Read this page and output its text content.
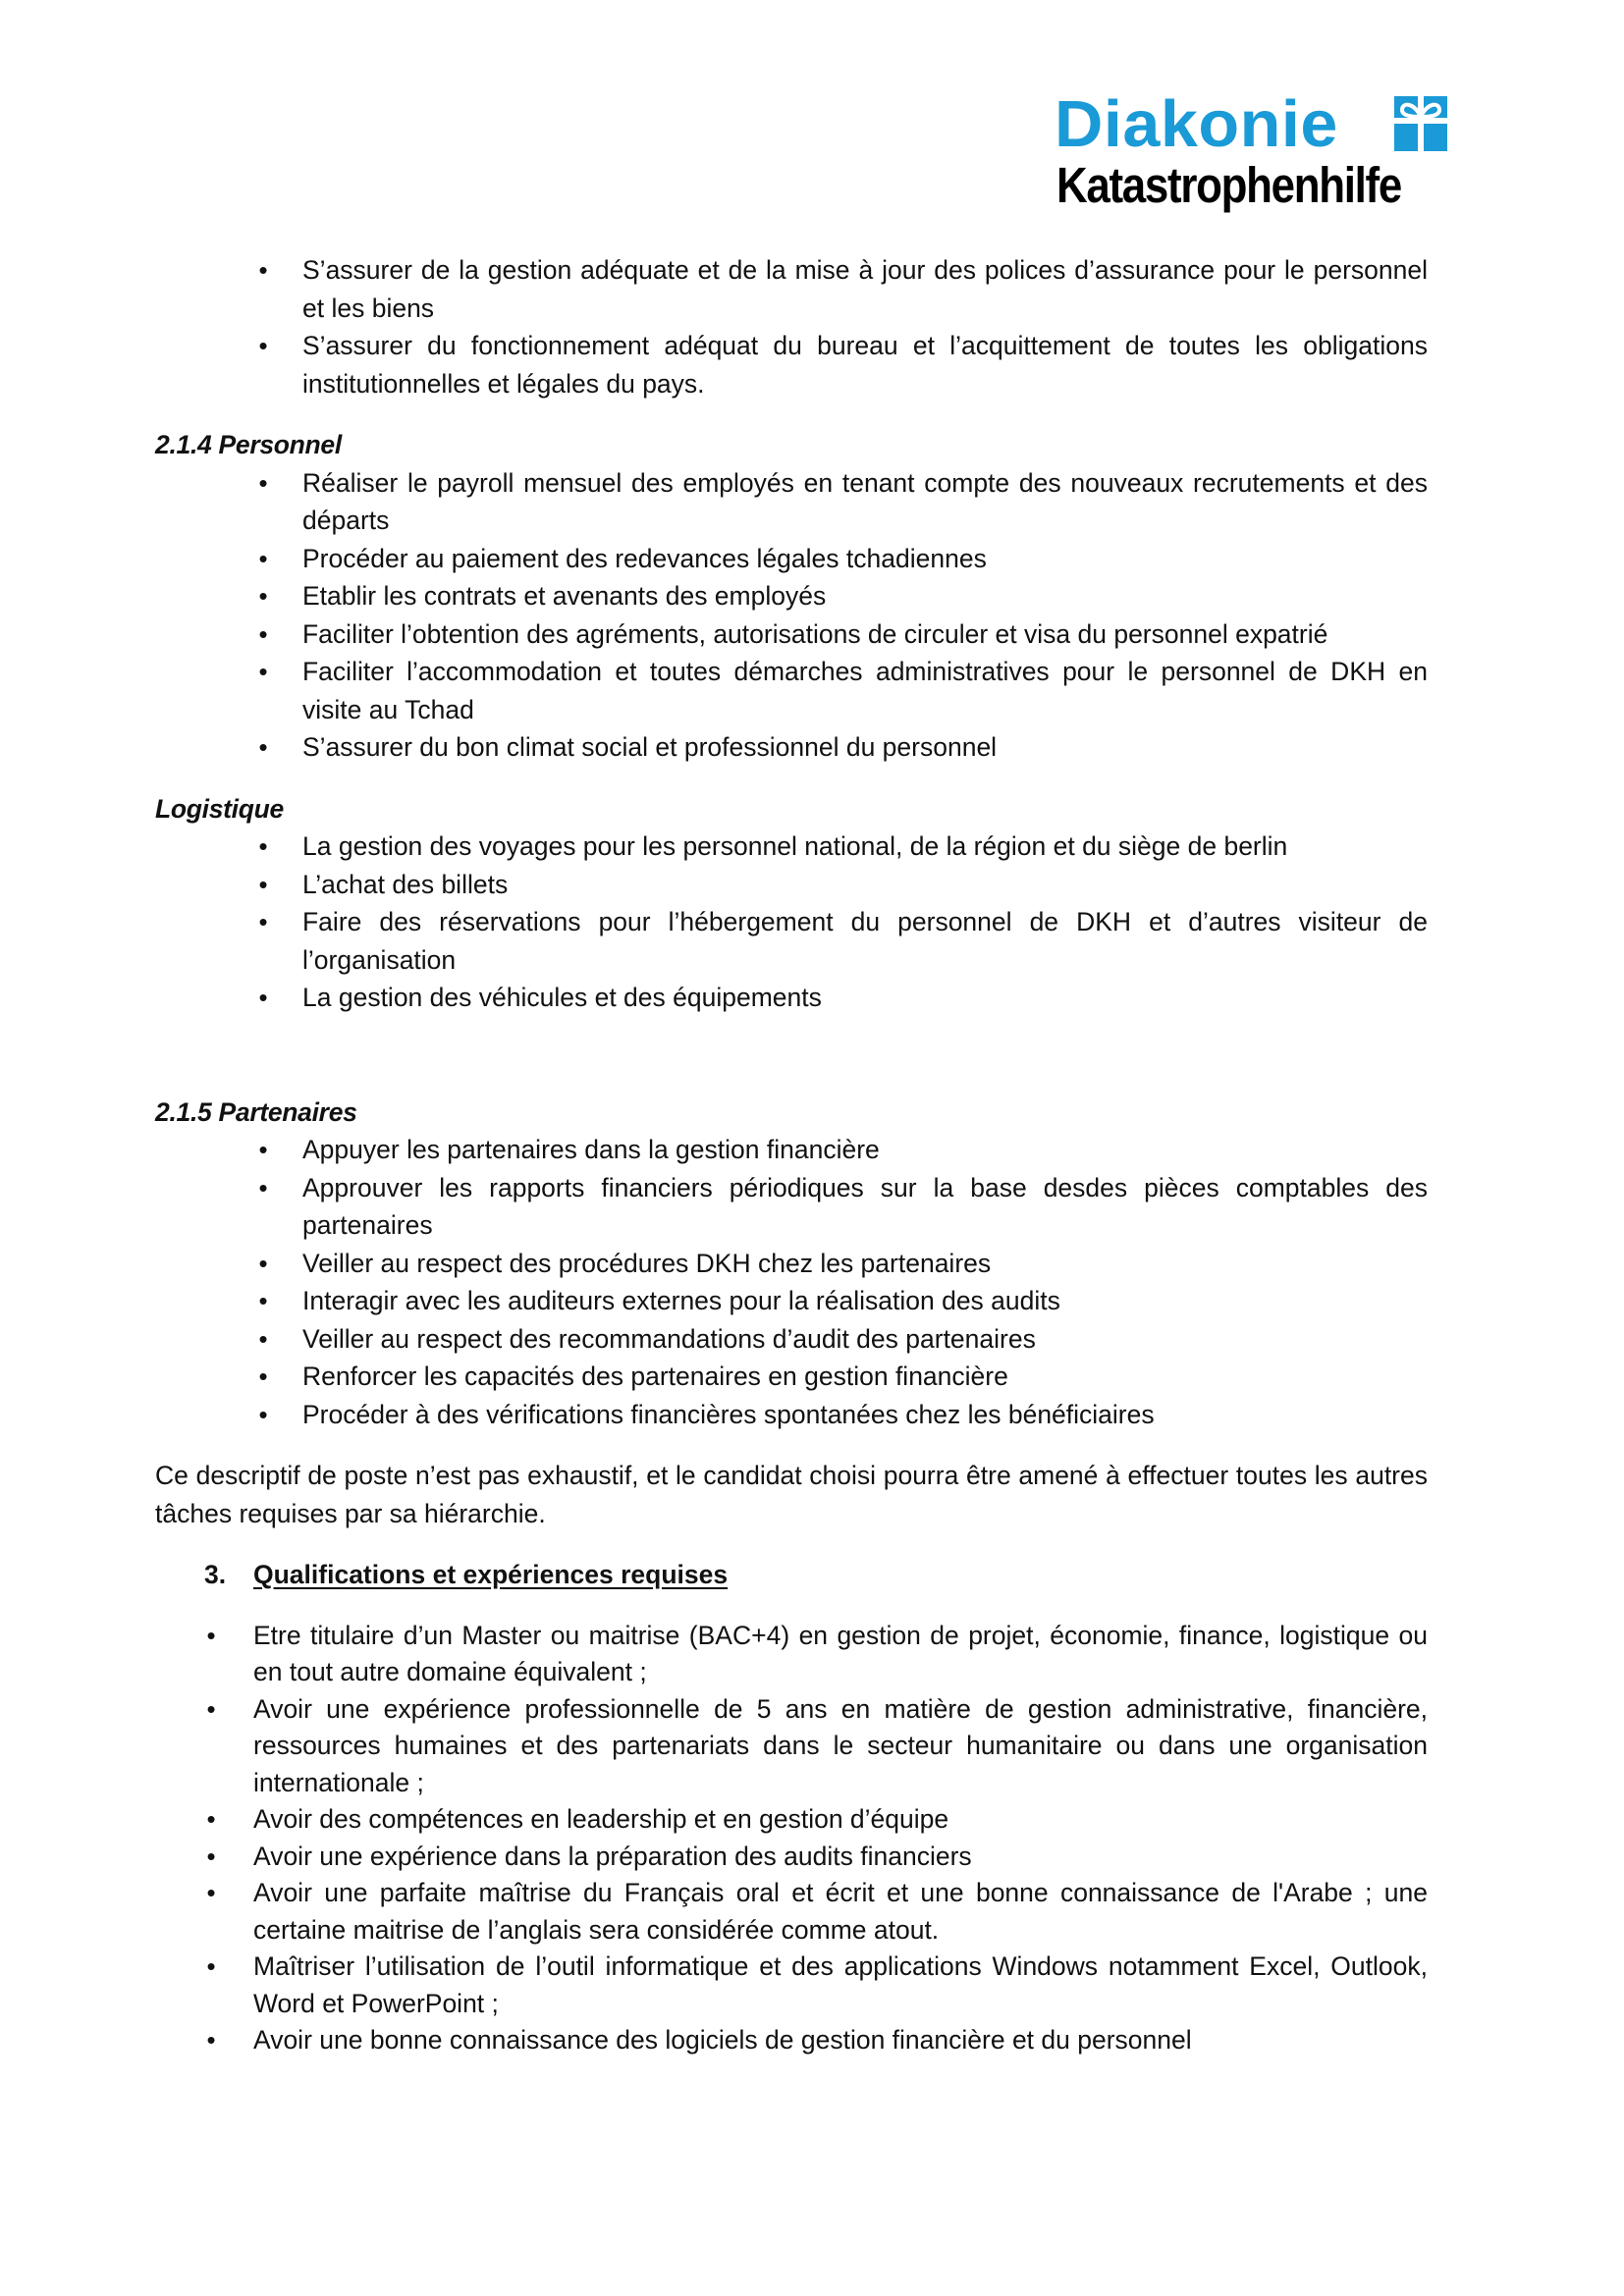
Diakonie
Katastrophenhilfe
• S’assurer de la gestion adéquate et de la mise à jour des polices d’assurance pour le personnel et les biens
• S’assurer du fonctionnement adéquat du bureau et l’acquittement de toutes les obligations institutionnelles et légales du pays.

2.1.4 Personnel

• Réaliser le payroll mensuel des employés en tenant compte des nouveaux recrutements et des départs
• Procéder au paiement des redevances légales tchadiennes
• Etablir les contrats et avenants des employés
• Faciliter l’obtention des agréments, autorisations de circuler et visa du personnel expatrié
• Faciliter l’accommodation et toutes démarches administratives pour le personnel de DKH en visite au Tchad
• S’assurer du bon climat social et professionnel du personnel

Logistique

• La gestion des voyages pour les personnel national, de la région et du siège de berlin
• L’achat des billets
• Faire des réservations pour l’hébergement du personnel de DKH et d’autres visiteur de l’organisation
• La gestion des véhicules et des équipements

2.1.5 Partenaires

• Appuyer les partenaires dans la gestion financière
• Approuver les rapports financiers périodiques sur la base desdes pièces comptables des partenaires
• Veiller au respect des procédures DKH chez les partenaires
• Interagir avec les auditeurs externes pour la réalisation des audits
• Veiller au respect des recommandations d’audit des partenaires
• Renforcer les capacités des partenaires en gestion financière
• Procéder à des vérifications financières spontanées chez les bénéficiaires

Ce descriptif de poste n’est pas exhaustif, et le candidat choisi pourra être amené à effectuer toutes les autres tâches requises par sa hiérarchie.

3.	Qualifications et expériences requises
• Etre titulaire d’un Master ou maitrise (BAC+4) en gestion de projet, économie, finance, logistique ou en tout autre domaine équivalent ;
• Avoir une expérience professionnelle de 5 ans en matière de gestion administrative, financière, ressources humaines et des partenariats dans le secteur humanitaire ou dans une organisation internationale ;
• Avoir des compétences en leadership et en gestion d’équipe
• Avoir une expérience dans la préparation des audits financiers
• Avoir une parfaite maîtrise du Français oral et écrit et une bonne connaissance de l'Arabe ; une certaine maitrise de l’anglais sera considérée comme atout.
• Maîtriser l’utilisation de l’outil informatique et des applications Windows notamment Excel, Outlook, Word et PowerPoint ;
• Avoir une bonne connaissance des logiciels de gestion financière et du personnel
